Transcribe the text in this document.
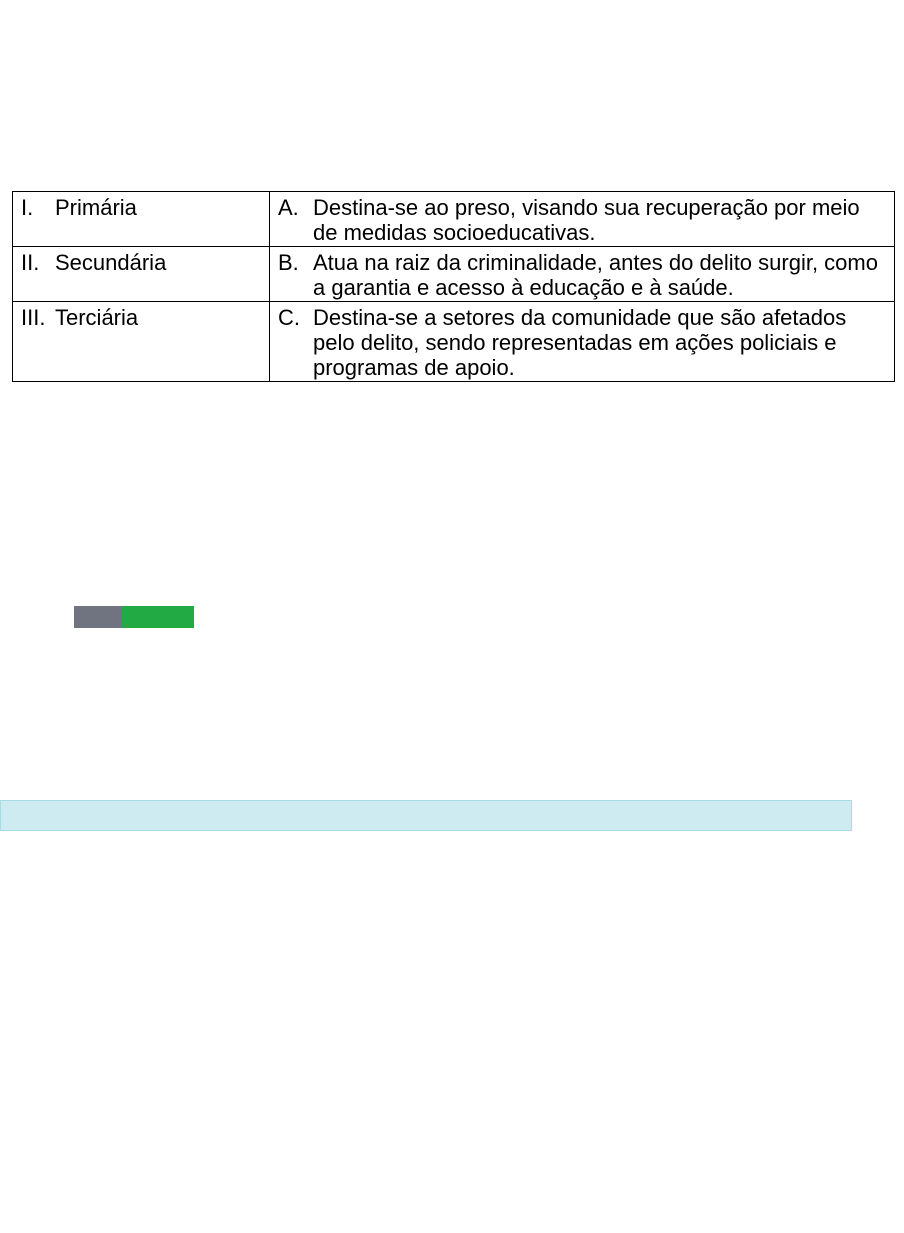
I. Primária	A. Destina-se ao preso, visando sua recuperação por meio de medidas socioeducativas.

II. Secundária	B. Atua na raiz da criminalidade, antes do delito surgir, como a garantia e acesso à educação e à saúde.

III. Terciária	C. Destina-se a setores da comunidade que são afetados pelo delito, sendo representadas em ações policiais e programas de apoio.
